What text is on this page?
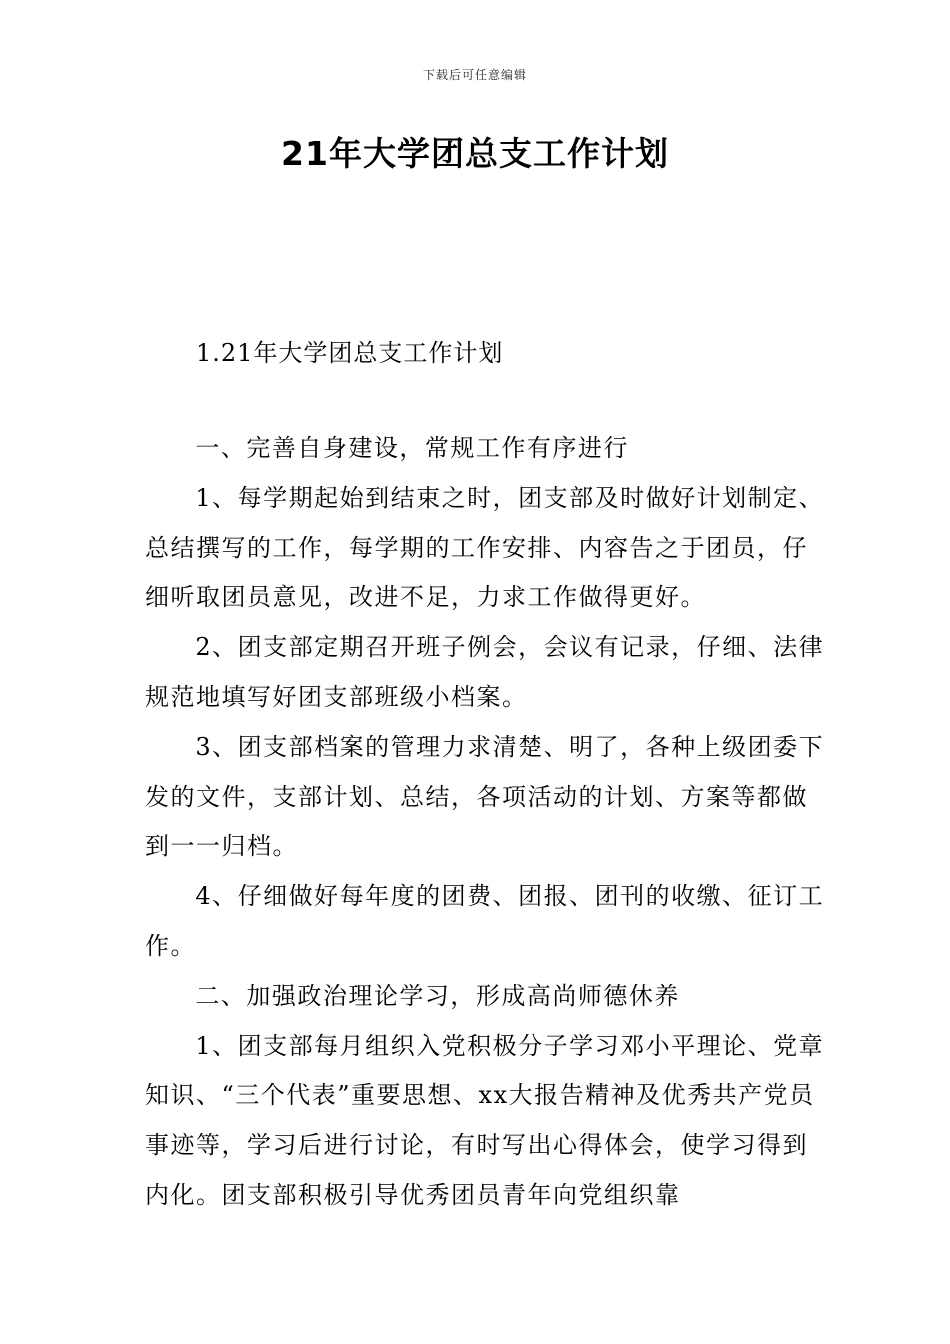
下载后可任意编辑
21年大学团总支工作计划
1.21年大学团总支工作计划

一、完善自身建设，常规工作有序进行

1、每学期起始到结束之时，团支部及时做好计划制定、总结撰写的工作，每学期的工作安排、内容告之于团员，仔细听取团员意见，改进不足，力求工作做得更好。

2、团支部定期召开班子例会，会议有记录，仔细、法律规范地填写好团支部班级小档案。

3、团支部档案的管理力求清楚、明了，各种上级团委下发的文件，支部计划、总结，各项活动的计划、方案等都做到一一归档。

4、仔细做好每年度的团费、团报、团刊的收缴、征订工作。

二、加强政治理论学习，形成高尚师德休养

1、团支部每月组织入党积极分子学习邓小平理论、党章知识、“三个代表”重要思想、xx大报告精神及优秀共产党员事迹等，学习后进行讨论，有时写出心得体会，使学习得到内化。团支部积极引导优秀团员青年向党组织靠
